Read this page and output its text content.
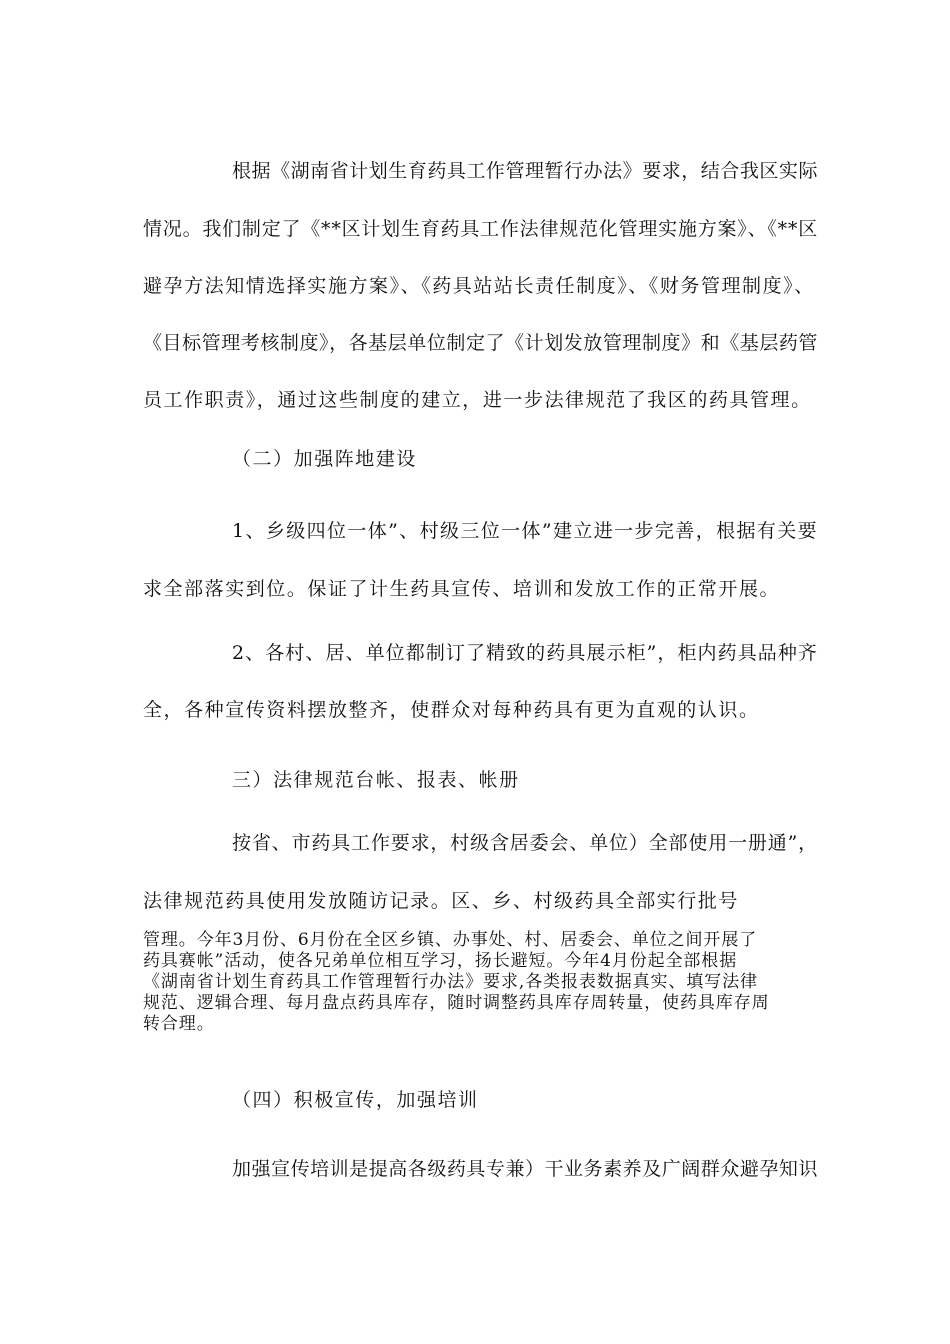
根据《湖南省计划生育药具工作管理暂行办法》要求，结合我区实际

情况。我们制定了《**区计划生育药具工作法律规范化管理实施方案》、《**区

避孕方法知情选择实施方案》、《药具站站长责任制度》、《财务管理制度》、

《目标管理考核制度》，各基层单位制定了《计划发放管理制度》和《基层药管

员工作职责》，通过这些制度的建立，进一步法律规范了我区的药具管理。

（二）加强阵地建设

1、乡级四位一体”、村级三位一体”建立进一步完善，根据有关要

求全部落实到位。保证了计生药具宣传、培训和发放工作的正常开展。

2、各村、居、单位都制订了精致的药具展示柜”，柜内药具品种齐

全，各种宣传资料摆放整齐，使群众对每种药具有更为直观的认识。

三）法律规范台帐、报表、帐册

按省、市药具工作要求，村级含居委会、单位）全部使用一册通”，

法律规范药具使用发放随访记录。区、乡、村级药具全部实行批号

管理。今年3月份、6月份在全区乡镇、办事处、村、居委会、单位之间开展了

药具赛帐”活动，使各兄弟单位相互学习，扬长避短。今年4月份起全部根据

《湖南省计划生育药具工作管理暂行办法》要求,各类报表数据真实、填写法律

规范、逻辑合理、每月盘点药具库存，随时调整药具库存周转量，使药具库存周

转合理。

（四）积极宣传，加强培训

加强宣传培训是提高各级药具专兼）干业务素养及广阔群众避孕知识
